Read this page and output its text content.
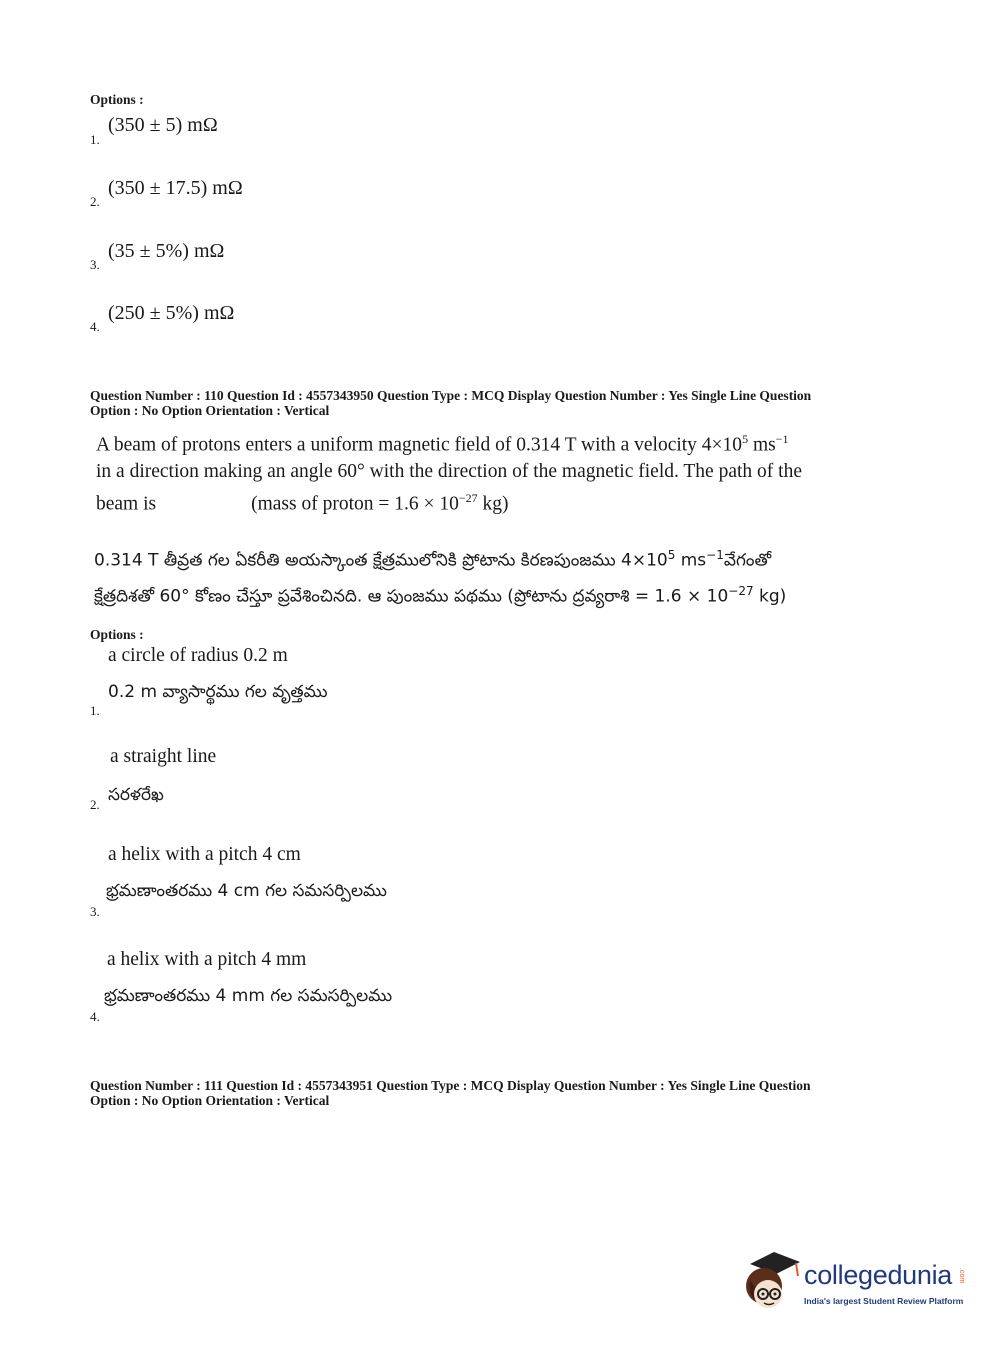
Options :
1.
(350 ± 5) mΩ
2.
(350 ± 17.5) mΩ
3.
(35 ± 5%) mΩ
4.
(250 ± 5%) mΩ
Question Number : 110 Question Id : 4557343950 Question Type : MCQ Display Question Number : Yes Single Line Question
Option : No Option Orientation : Vertical
A beam of protons enters a uniform magnetic field of 0.314 T with a velocity $4\times 10^5$ $ms^{-1}$
in a direction making an angle 60° with the direction of the magnetic field. The path of the
beam is	(mass of proton = $1.6 \times 10^{-27}$ kg)
0.314 T తీవ్రత గల ఏకరీతి అయస్కాంత క్షేత్రములోనికి ప్రోటాను కిరణపుంజము $4\times 10^5$ $ms^{-1}వేగంతో$
క్షేత్రదిశతో 60° కోణం చేస్తూ ప్రవేశించినది. ఆ పుంజము పథము (ప్రోటాను ద్రవ్యరాశి = $1.6 \times 10^{-27}$ kg)
Options :
a circle of radius 0.2 m
0.2 m వ్యాసార్థము గల వృత్తము
1.
a straight line
సరళరేఖ
2.
a helix with a pitch 4 cm
భ్రమణాంతరము 4 cm గల సమసర్పిలము
3.
a helix with a pitch 4 mm
భ్రమణాంతరము 4 mm గల సమసర్పిలము
4.
Question Number : 111 Question Id : 4557343951 Question Type : MCQ Display Question Number : Yes Single Line Question
Option : No Option Orientation : Vertical
collegedunia .com
India's largest Student Review Platform
